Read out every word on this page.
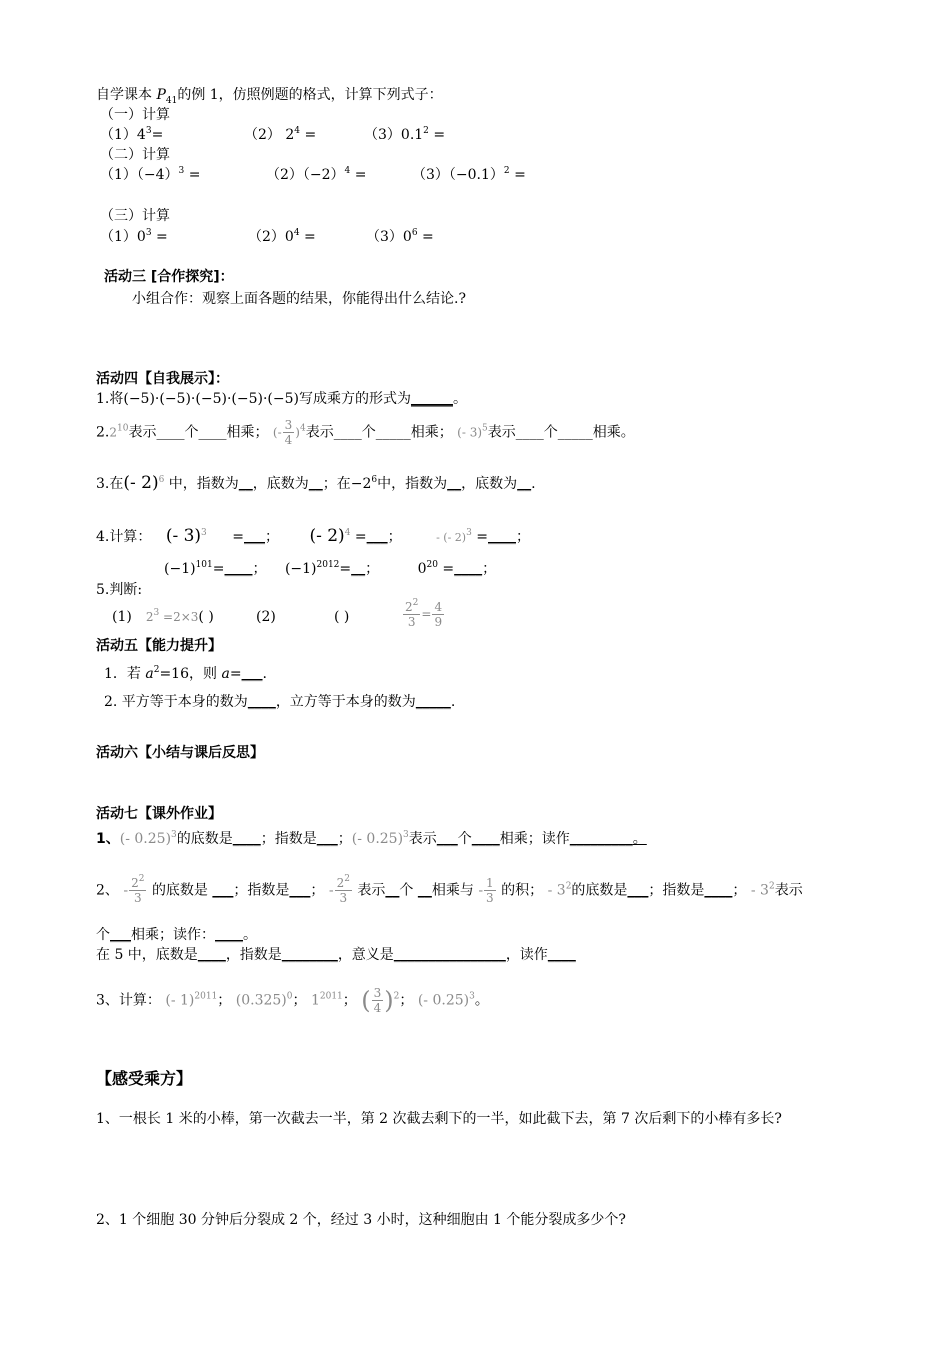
自学课本 $P_{41}$的例 1，仿照例题的格式，计算下列式子：
（一）计算
$(1)4^3=$	（2） $2^4$ =	$(3)0.1^2$ =
（二）计算
$(1)(-4)^3$ =	$(2)(-2)^4$ =	$(3)(-0.1)^2$ =
（三）计算
$(1)0^3$ =	$(2)0^4$ =	$(3)0^6$ =
活动三 [合作探究]：
小组合作：观察上面各题的结果，你能得出什么结论.?
活动四【自我展示】：
1.将(−5)·(−5)·(−5)·(−5)·(−5)写成乘方的形式为______。
$2.2^{10}$表示____个____相乘； (- $\frac{3}{4} )^4$表示____个_____相乘； (- 3)$^5$表示____个_____相乘。
3.在(- 2)$^6$ 中，指数为__，底数为__；在$-2^6$中，指数为__，底数为__.
4.计算： (- 3)$^3$ =___； (- 2)$^4$ =___；	- (- 2)$^3$ =____；
$(-1)^{101}=\_\_\_\_$； $(-1)^{2012}=\_\_$；	$0^{20}$ =____；
5.判断:
(1) $2^3 =2\times 3$( )	(2)	( )	$\frac{2^2}{3} = \frac{4}{9}$
活动五【能力提升】
1．若 $a^2=16$，则 a=___.
2. 平方等于本身的数为____，立方等于本身的数为_____.
活动六【小结与课后反思】
活动七【课外作业】
1、(- 0.25)$^3$的底数是____；指数是___；(- 0.25)$^3$表示___个____相乘；读作_________。
2、 - $\frac{2^2}{3}$ 的底数是 ___；指数是___； - $\frac{2^2}{3}$ 表示__个 __相乘与 - $\frac{1}{3}$ 的积； - $3^2$的底数是___；指数是____； - $3^2$表示
个___相乘；读作：____。
在 5 中，底数是____，指数是________，意义是________________，读作____
3、计算： (- 1)$^{2011}$； $(0.325)^0$； $1^{2011}$； ( $\frac{3}{4} )^2$； (- 0.25)$^3$。
【感受乘方】
1、一根长 1 米的小棒，第一次截去一半，第 2 次截去剩下的一半，如此截下去，第 7 次后剩下的小棒有多长?
2、1 个细胞 30 分钟后分裂成 2 个，经过 3 小时，这种细胞由 1 个能分裂成多少个?
